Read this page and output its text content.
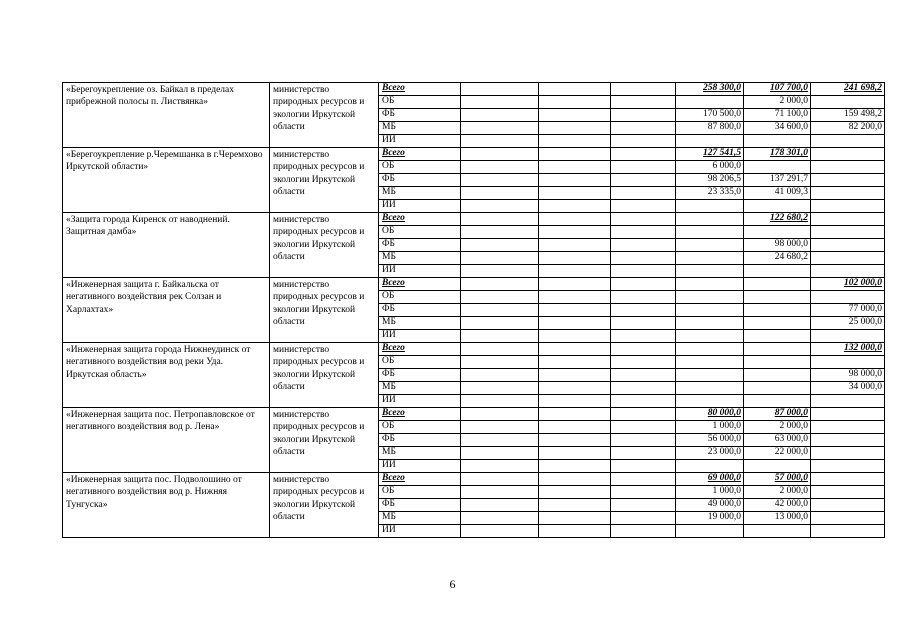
«Берегоукрепление оз. Байкал в пределах прибрежной полосы п. Листвянка»	министерство природных ресурсов и экологии Иркутской области	Всего				258 300,0	107 700,0	241 698,2	
		ОБ					2 000,0		
		ФБ				170 500,0	71 100,0	159 498,2	
		МБ				87 800,0	34 600,0	82 200,0	
		ИИ							
«Берегоукрепление р.Черемшанка в г.Черемхово Иркутской области»	министерство природных ресурсов и экологии Иркутской области	Всего				127 541,5	178 301,0		
		ОБ				6 000,0			
		ФБ				98 206,5	137 291,7		
		МБ				23 335,0	41 009,3		
		ИИ							
«Защита города Киренск от наводнений. Защитная дамба»	министерство природных ресурсов и экологии Иркутской области	Всего					122 680,2		
		ОБ							
		ФБ					98 000,0		
		МБ					24 680,2		
		ИИ							
«Инженерная защита г. Байкальска от негативного воздействия рек Солзан и Харлахтах»	министерство природных ресурсов и экологии Иркутской области	Всего						102 000,0	
		ОБ							
		ФБ						77 000,0	
		МБ						25 000,0	
		ИИ							
«Инженерная защита города Нижнеудинск от негативного воздействия вод реки Уда. Иркутская область»	министерство природных ресурсов и экологии Иркутской области	Всего						132 000,0	
		ОБ							
		ФБ						98 000,0	
		МБ						34 000,0	
		ИИ							
«Инженерная защита пос. Петропавловское от негативного воздействия вод р. Лена»	министерство природных ресурсов и экологии Иркутской области	Всего				80 000,0	87 000,0		
		ОБ				1 000,0	2 000,0		
		ФБ				56 000,0	63 000,0		
		МБ				23 000,0	22 000,0		
		ИИ							
«Инженерная защита пос. Подволошино от негативного воздействия вод р. Нижняя Тунгуска»	министерство природных ресурсов и экологии Иркутской области	Всего				69 000,0	57 000,0		
		ОБ				1 000,0	2 000,0		
		ФБ				49 000,0	42 000,0		
		МБ				19 000,0	13 000,0		
		ИИ							
6
